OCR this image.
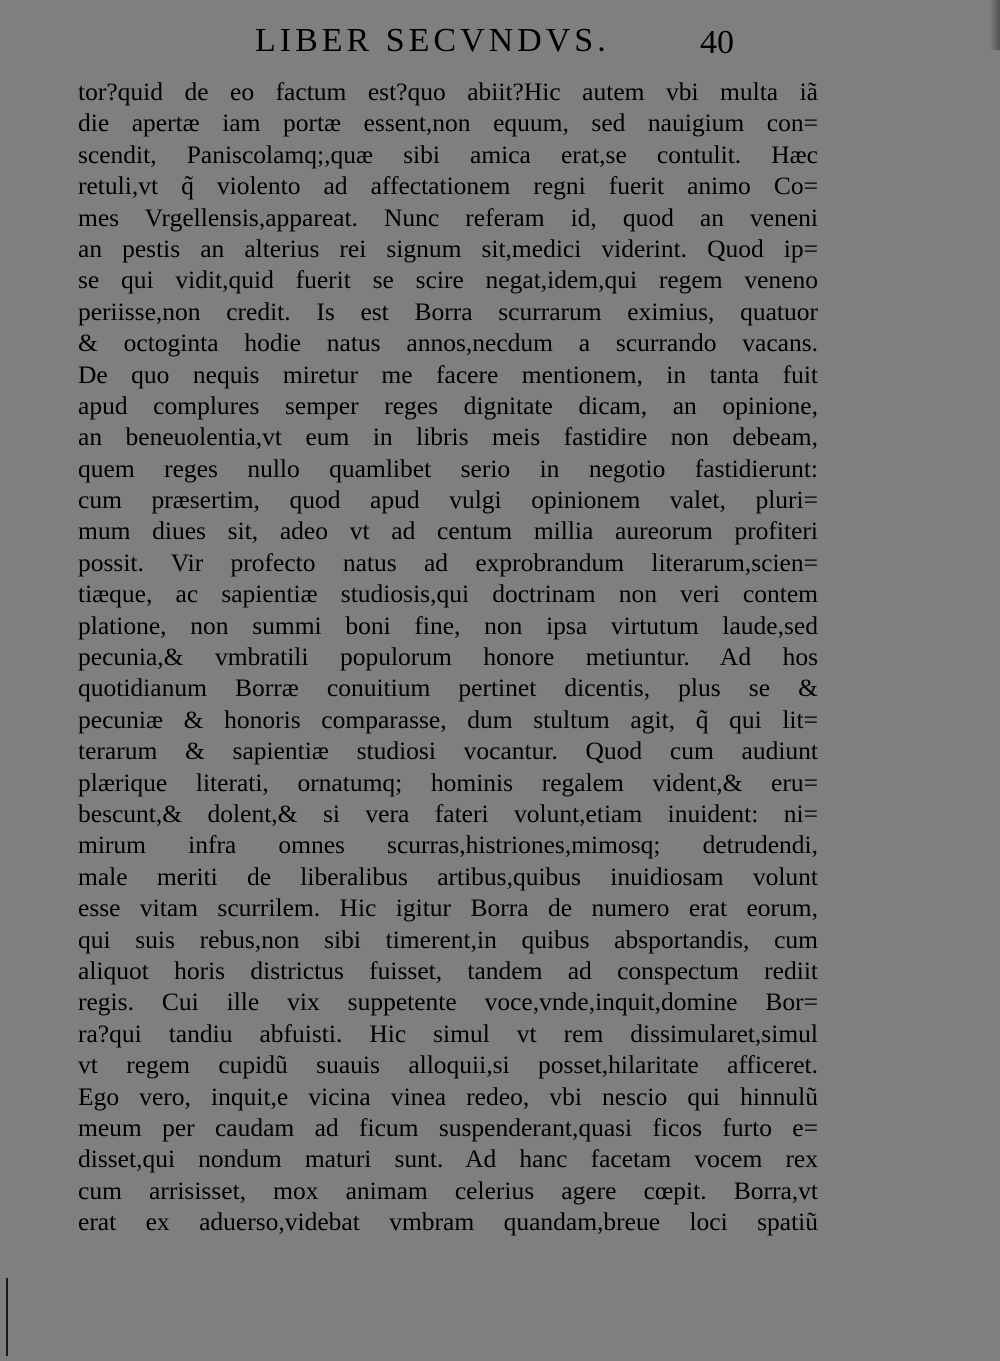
LIBER SECVNDVS.	40
tor?quid de eo factum est?quo abiit?Hic autem vbi multa iã
die apertæ iam portæ essent,non equum, sed nauigium con=
scendit, Paniscolamq;,quæ sibi amica erat,se contulit. Hæc
retuli,vt q̃ violento ad affectationem regni fuerit animo Co=
mes Vrgellensis,appareat. Nunc referam id, quod an veneni
an pestis an alterius rei signum sit,medici viderint. Quod ip=
se qui vidit,quid fuerit se scire negat,idem,qui regem veneno
periisse,non credit. Is est Borra scurrarum eximius, quatuor
& octoginta hodie natus annos,necdum a scurrando vacans.
De quo nequis miretur me facere mentionem, in tanta fuit
apud complures semper reges dignitate dicam, an opinione,
an beneuolentia,vt eum in libris meis fastidire non debeam,
quem reges nullo quamlibet serio in negotio fastidierunt:
cum præsertim, quod apud vulgi opinionem valet, pluri=
mum diues sit, adeo vt ad centum millia aureorum profiteri
possit. Vir profecto natus ad exprobrandum literarum,scien=
tiæque, ac sapientiæ studiosis,qui doctrinam non veri contem
platione, non summi boni fine, non ipsa virtutum laude,sed
pecunia,& vmbratili populorum honore metiuntur. Ad hos
quotidianum Borræ conuitium pertinet dicentis, plus se &
pecuniæ & honoris comparasse, dum stultum agit, q̃ qui lit=
terarum & sapientiæ studiosi vocantur. Quod cum audiunt
plærique literati, ornatumq; hominis regalem vident,& eru=
bescunt,& dolent,& si vera fateri volunt,etiam inuident: ni=
mirum infra omnes scurras,histriones,mimosq; detrudendi,
male meriti de liberalibus artibus,quibus inuidiosam volunt
esse vitam scurrilem. Hic igitur Borra de numero erat eorum,
qui suis rebus,non sibi timerent,in quibus absportandis, cum
aliquot horis districtus fuisset, tandem ad conspectum rediit
regis. Cui ille vix suppetente voce,vnde,inquit,domine Bor=
ra?qui tandiu abfuisti. Hic simul vt rem dissimularet,simul
vt regem cupidũ suauis alloquii,si posset,hilaritate afficeret.
Ego vero, inquit,e vicina vinea redeo, vbi nescio qui hinnulũ
meum per caudam ad ficum suspenderant,quasi ficos furto e=
disset,qui nondum maturi sunt. Ad hanc facetam vocem rex
cum arrisisset, mox animam celerius agere cœpit. Borra,vt
erat ex aduerso,videbat vmbram quandam,breue loci spatiũ
